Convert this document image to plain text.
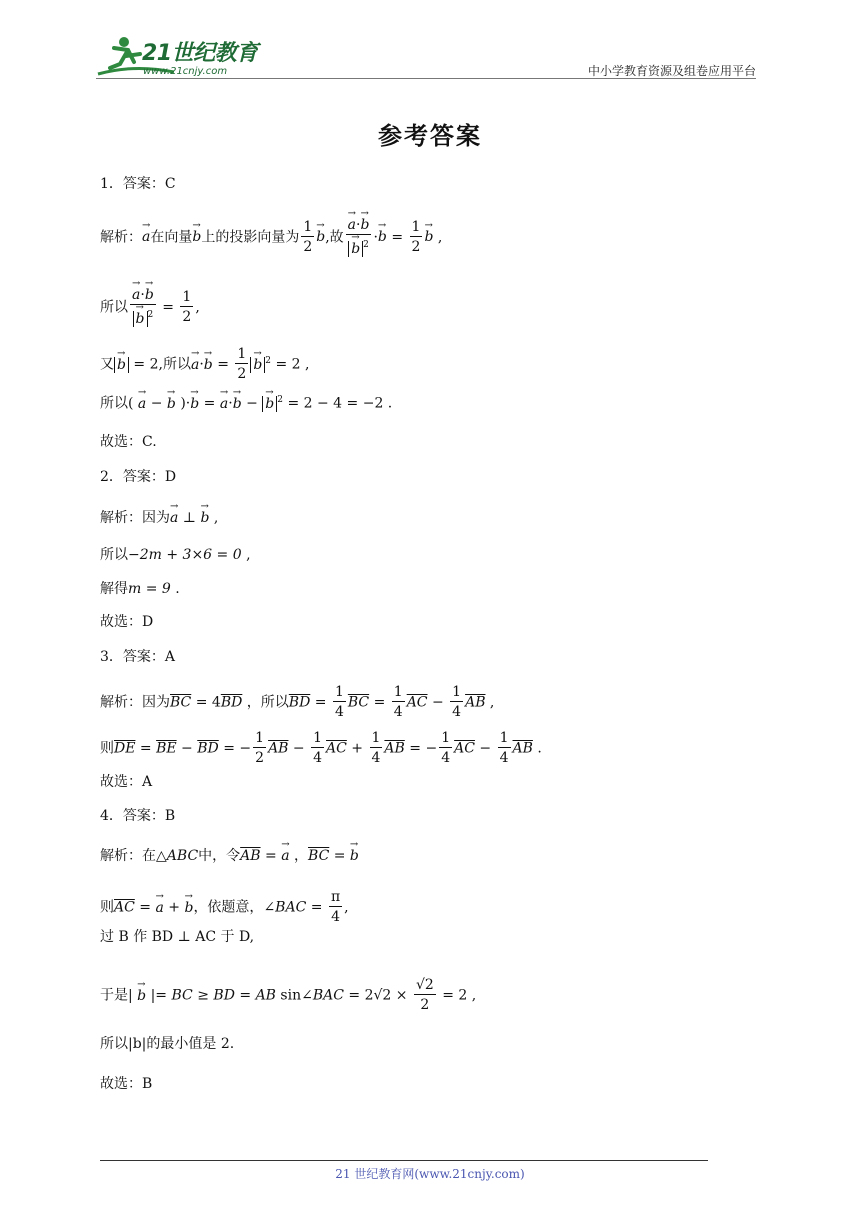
21世纪教育
www.21cnjy.com	中小学教育资源及组卷应用平台
参考答案
1．答案：C
解析：→ a在向量→ b上的投影向量为 $\frac{1}{2} \to b$,故 → a·→ b
→ b $^2 \cdot\to b = \frac{1}{2} \to b$ ,
所以 → a·→ b
→ b $^2 = \frac{1}{2}$ ,
又 → b = 2,所以→ $a\cdot\to b = \frac{1}{2} \to b$ $^2$ = 2 ,
所以( → a − → b )·→ b = → a·→ b − → b $^2$ = 2 − 4 = −2 .
故选：C.
2．答案：D
解析：因为→ a ⊥ → b ,
所以−2m + 3×6 = 0 ,
解得m = 9 .
故选：D
3．答案：A
解析：因为$\overline{BC} = 4\overline{BD}$ ，所以$\overline{BD} = \frac{1}{4} \overline{BC} = \frac{1}{4} \overline{AC} - \frac{1}{4} \overline{AB}$ ,
则$\overline{DE} = \overline{BE} - \overline{BD}$ = − $\frac{1}{2} \overline{AB} - \frac{1}{4} \overline{AC} + \frac{1}{4} \overline{AB}$ = − $\frac{1}{4} \overline{AC} - \frac{1}{4} \overline{AB}$ .
故选：A
4．答案：B
解析：在△ABC中，令$\overline{AB}$ = → a ，$\overline{BC}$ = → b
则$\overline{AC}$ = → a + → b，依题意，∠BAC = $\frac{\pi}{4}$ ,
过 B 作 BD ⊥ AC 于 D,
于是| → b |= BC ≥ BD = AB sin∠BAC = $2√2 \times \frac{√2}{2} = 2$ ,
所以|b|的最小值是 2.
故选：B
21 世纪教育网(www.21cnjy.com)
